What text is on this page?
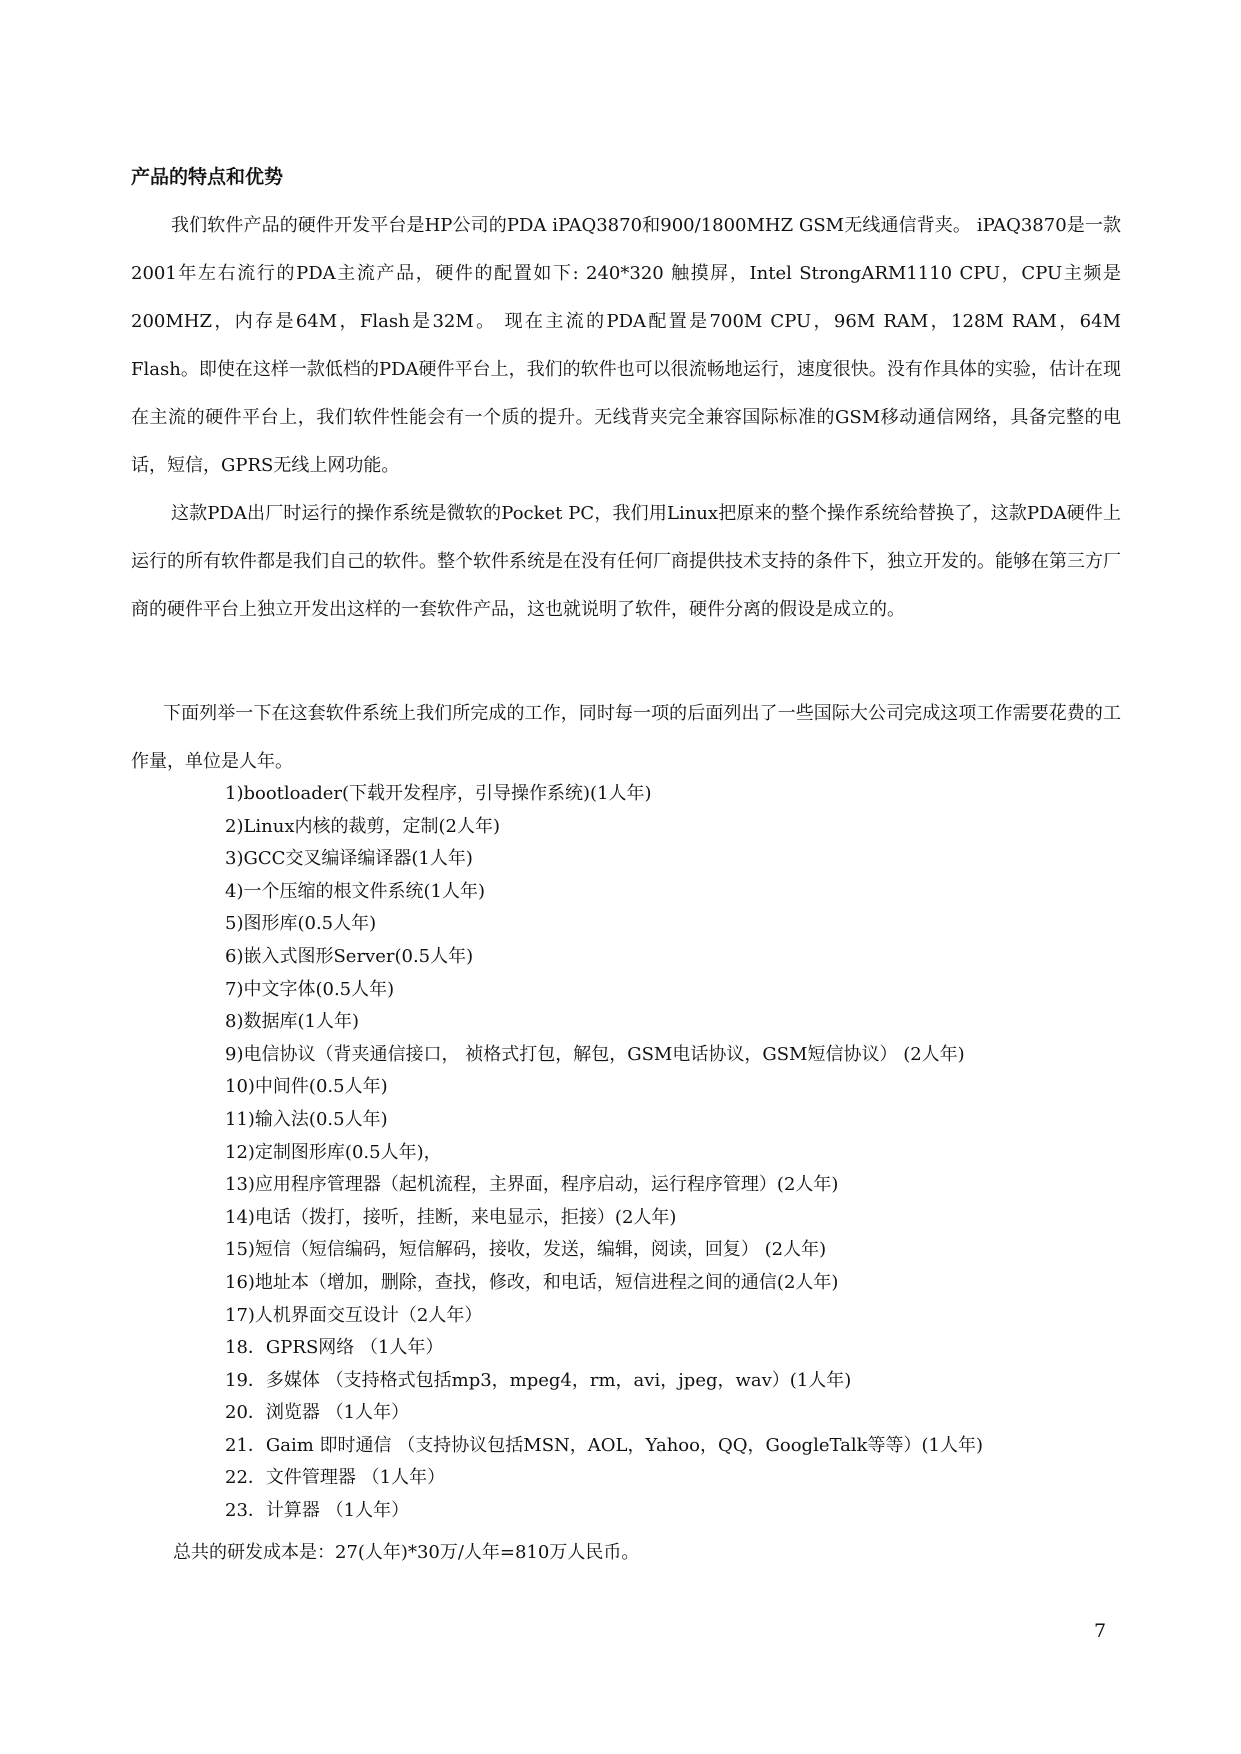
产品的特点和优势

我们软件产品的硬件开发平台是HP公司的PDA iPAQ3870和900/1800MHZ GSM无线通信背夹。 iPAQ3870是一款2001年左右流行的PDA主流产品，硬件的配置如下: 240*320 触摸屏，Intel StrongARM1110 CPU，CPU主频是200MHZ，内存是64M，Flash是32M。 现在主流的PDA配置是700M CPU，96M RAM，128M RAM，64M Flash。即使在这样一款低档的PDA硬件平台上，我们的软件也可以很流畅地运行，速度很快。没有作具体的实验，估计在现在主流的硬件平台上，我们软件性能会有一个质的提升。无线背夹完全兼容国际标准的GSM移动通信网络，具备完整的电话，短信，GPRS无线上网功能。

这款PDA出厂时运行的操作系统是微软的Pocket PC，我们用Linux把原来的整个操作系统给替换了，这款PDA硬件上运行的所有软件都是我们自己的软件。整个软件系统是在没有任何厂商提供技术支持的条件下，独立开发的。能够在第三方厂商的硬件平台上独立开发出这样的一套软件产品，这也就说明了软件，硬件分离的假设是成立的。

下面列举一下在这套软件系统上我们所完成的工作，同时每一项的后面列出了一些国际大公司完成这项工作需要花费的工作量，单位是人年。

1)bootloader(下载开发程序，引导操作系统)(1人年)
2)Linux内核的裁剪，定制(2人年)
3)GCC交叉编译编译器(1人年)
4)一个压缩的根文件系统(1人年)
5)图形库(0.5人年)
6)嵌入式图形Server(0.5人年)
7)中文字体(0.5人年)
8)数据库(1人年)
9)电信协议（背夹通信接口， 祯格式打包，解包，GSM电话协议，GSM短信协议） (2人年)
10)中间件(0.5人年)
11)输入法(0.5人年)
12)定制图形库(0.5人年)，
13)应用程序管理器（起机流程，主界面，程序启动，运行程序管理）(2人年)
14)电话（拨打，接听，挂断，来电显示，拒接）(2人年)
15)短信（短信编码，短信解码，接收，发送，编辑，阅读，回复） (2人年)
16)地址本（增加，删除，查找，修改，和电话，短信进程之间的通信(2人年)
17)人机界面交互设计（2人年）
18．GPRS网络 （1人年）
19．多媒体 （支持格式包括mp3，mpeg4，rm，avi，jpeg，wav）(1人年)
20．浏览器 （1人年）
21．Gaim 即时通信 （支持协议包括MSN，AOL，Yahoo，QQ，GoogleTalk等等）(1人年)
22．文件管理器 （1人年）
23．计算器 （1人年）
总共的研发成本是：27(人年)*30万/人年=810万人民币。
7
